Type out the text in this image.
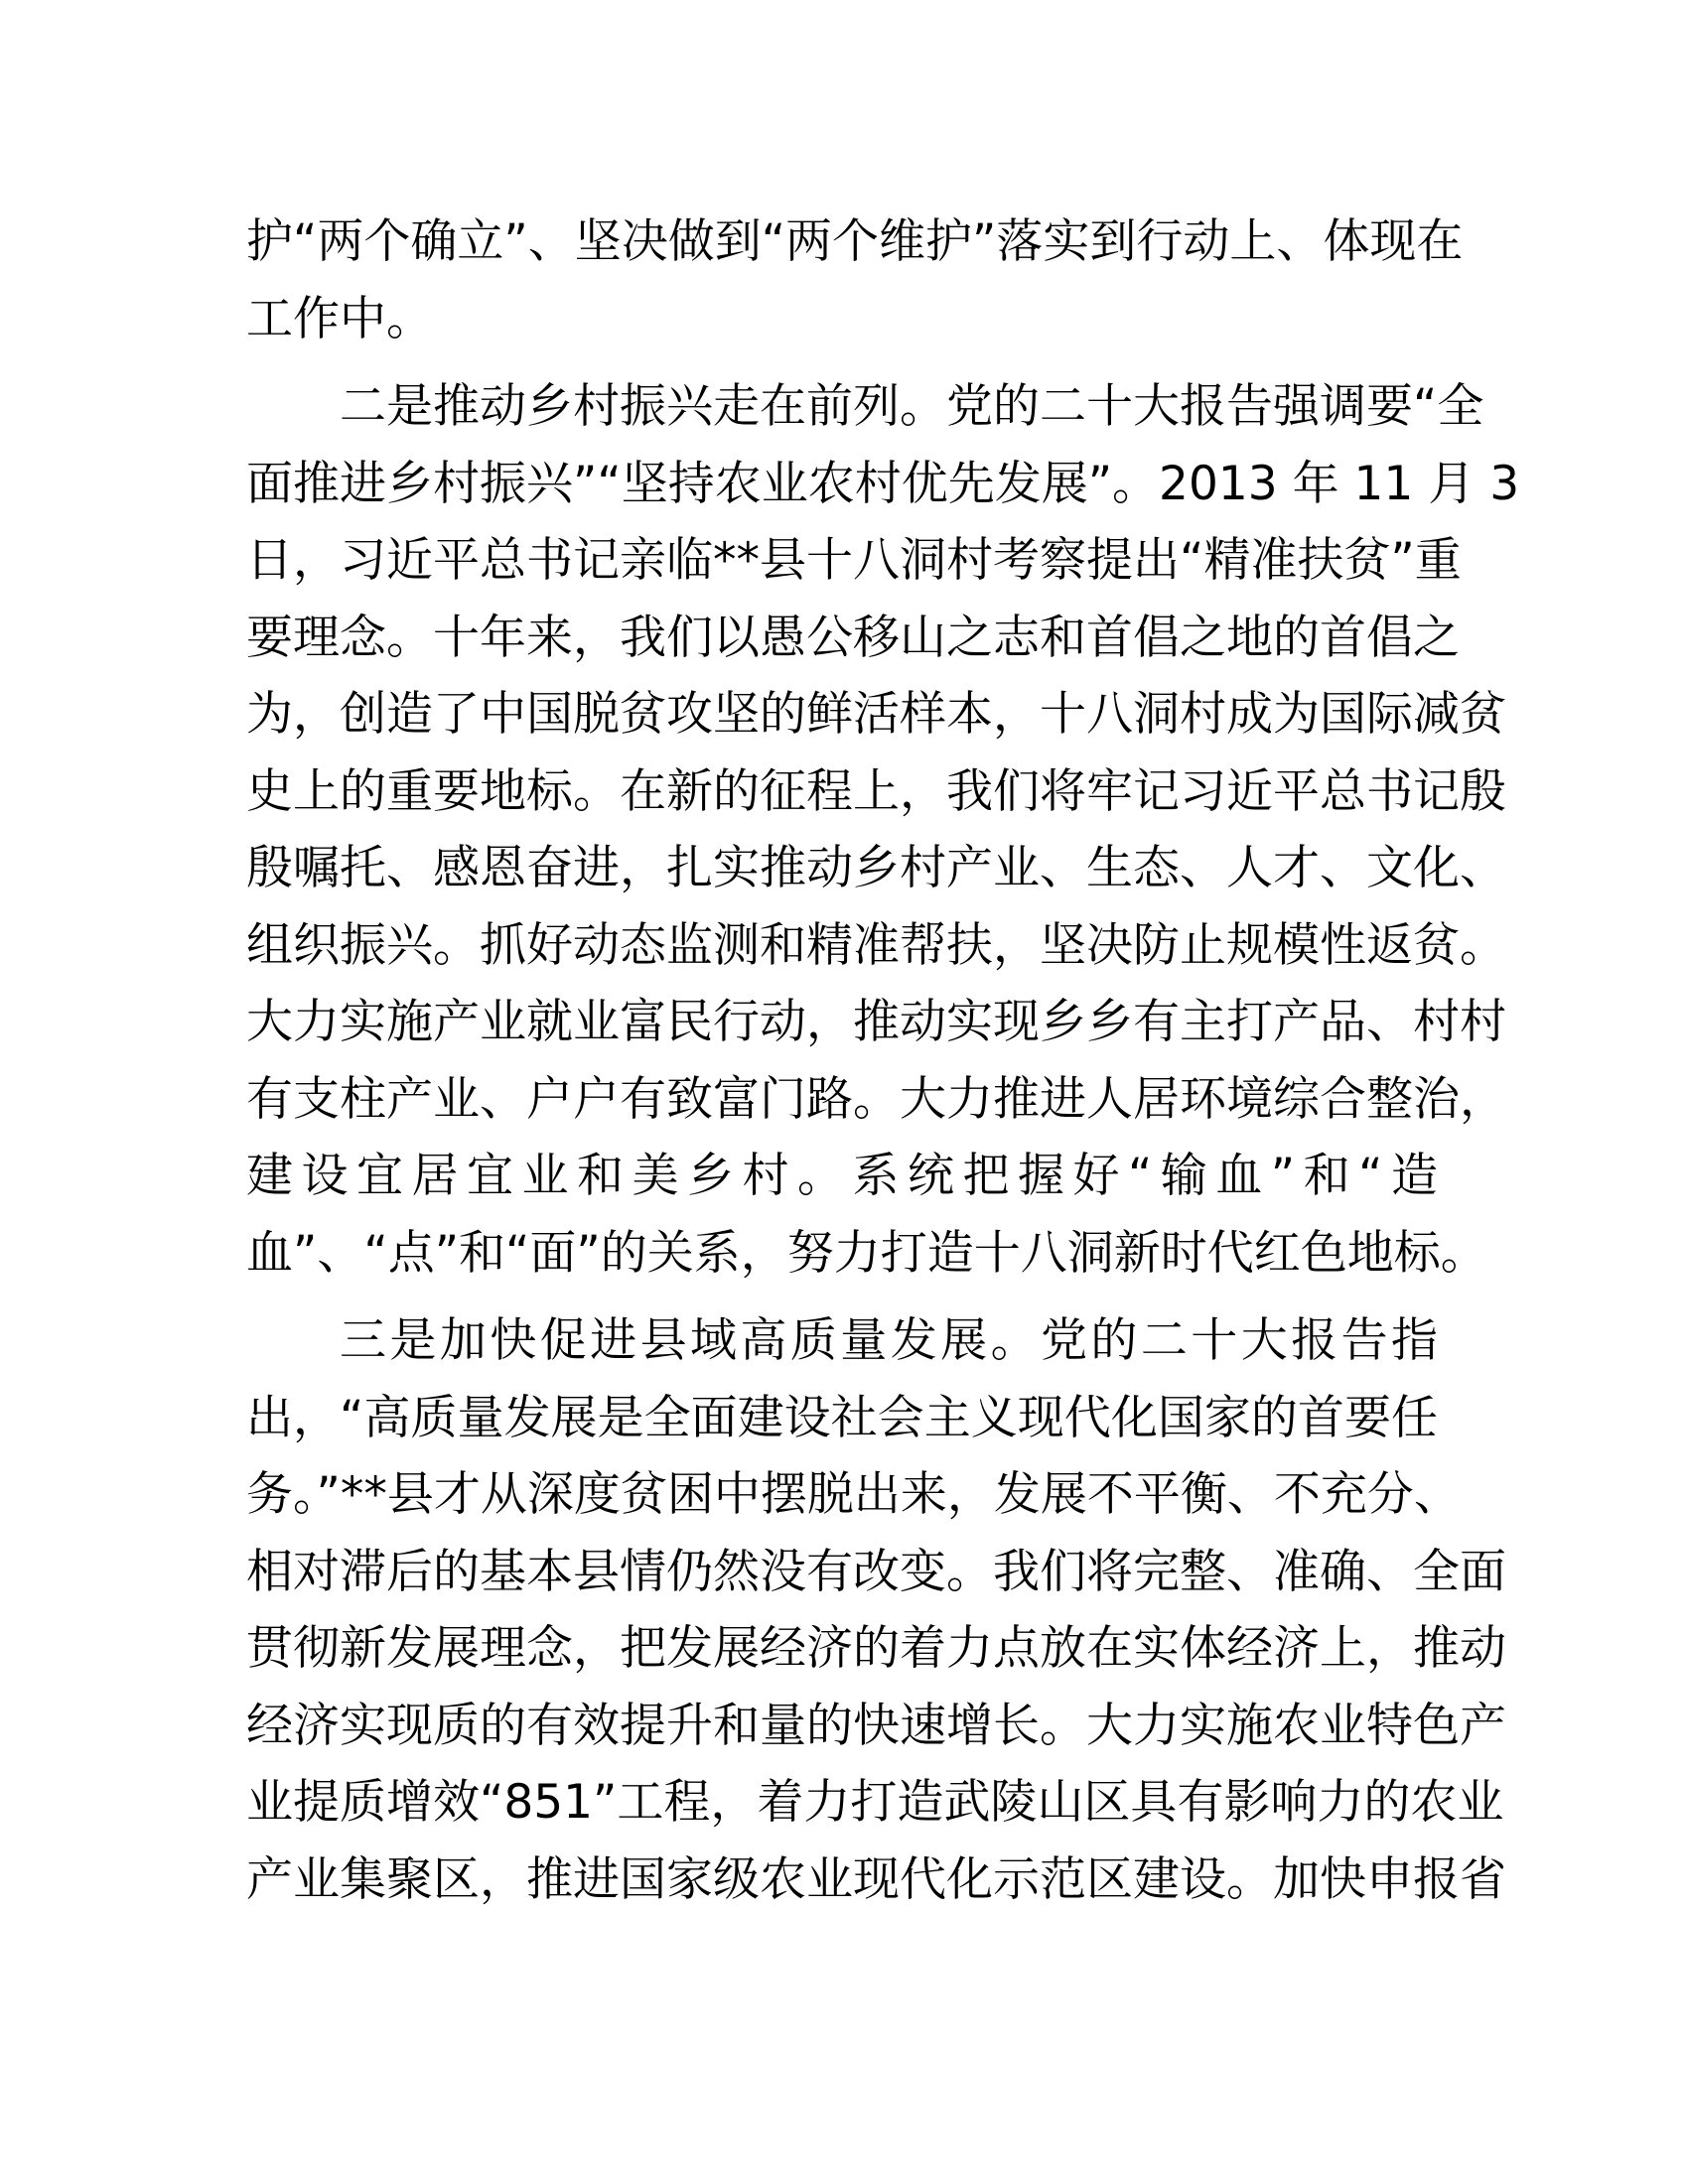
护“两个确立”、坚决做到“两个维护”落实到行动上、体现在
工作中。
二是推动乡村振兴走在前列。党的二十大报告强调要“全
面推进乡村振兴”“坚持农业农村优先发展”。2013 年 11 月 3
日，习近平总书记亲临**县十八洞村考察提出“精准扶贫”重
要理念。十年来，我们以愚公移山之志和首倡之地的首倡之
为，创造了中国脱贫攻坚的鲜活样本，十八洞村成为国际减贫
史上的重要地标。在新的征程上，我们将牢记习近平总书记殷
殷嘱托、感恩奋进，扎实推动乡村产业、生态、人才、文化、
组织振兴。抓好动态监测和精准帮扶，坚决防止规模性返贫。
大力实施产业就业富民行动，推动实现乡乡有主打产品、村村
有支柱产业、户户有致富门路。大力推进人居环境综合整治，
建设宜居宜业和美乡村。系统把握好“输血”和“造
血”、“点”和“面”的关系，努力打造十八洞新时代红色地标。
三是加快促进县域高质量发展。党的二十大报告指
出，“高质量发展是全面建设社会主义现代化国家的首要任
务。”**县才从深度贫困中摆脱出来，发展不平衡、不充分、
相对滞后的基本县情仍然没有改变。我们将完整、准确、全面
贯彻新发展理念，把发展经济的着力点放在实体经济上，推动
经济实现质的有效提升和量的快速增长。大力实施农业特色产
业提质增效“851”工程，着力打造武陵山区具有影响力的农业
产业集聚区，推进国家级农业现代化示范区建设。加快申报省
